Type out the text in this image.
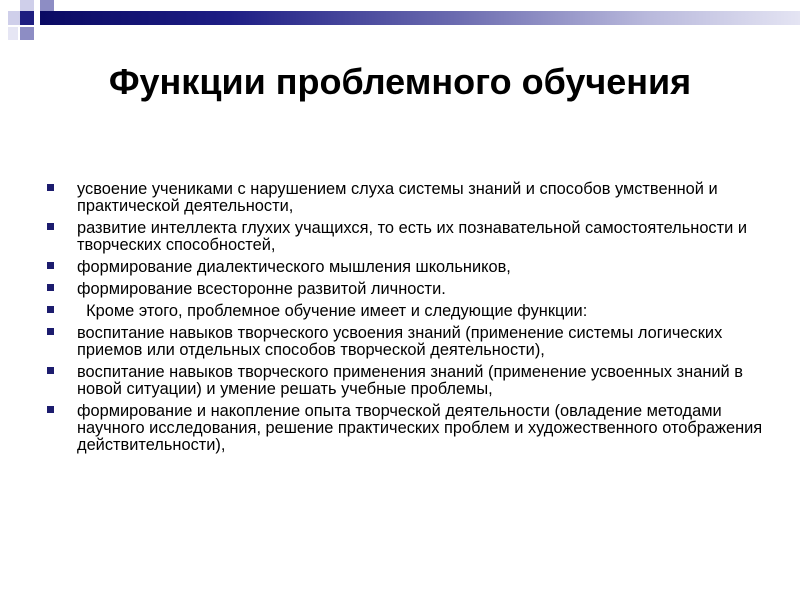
Функции проблемного обучения
усвоение учениками с нарушением слуха системы знаний и способов умственной и практической деятельности,
развитие интеллекта глухих учащихся, то есть их познавательной самостоятельности и творческих способностей,
формирование диалектического мышления школьников,
формирование всесторонне развитой личности.
Кроме этого, проблемное обучение имеет и следующие функции:
воспитание навыков творческого усвоения знаний (применение системы логических приемов или отдельных способов творческой деятельности),
воспитание навыков творческого применения знаний (применение усвоенных знаний в новой ситуации) и умение решать учебные проблемы,
формирование и накопление опыта творческой деятельности (овладение методами научного исследования, решение практических проблем и художественного отображения действительности),
